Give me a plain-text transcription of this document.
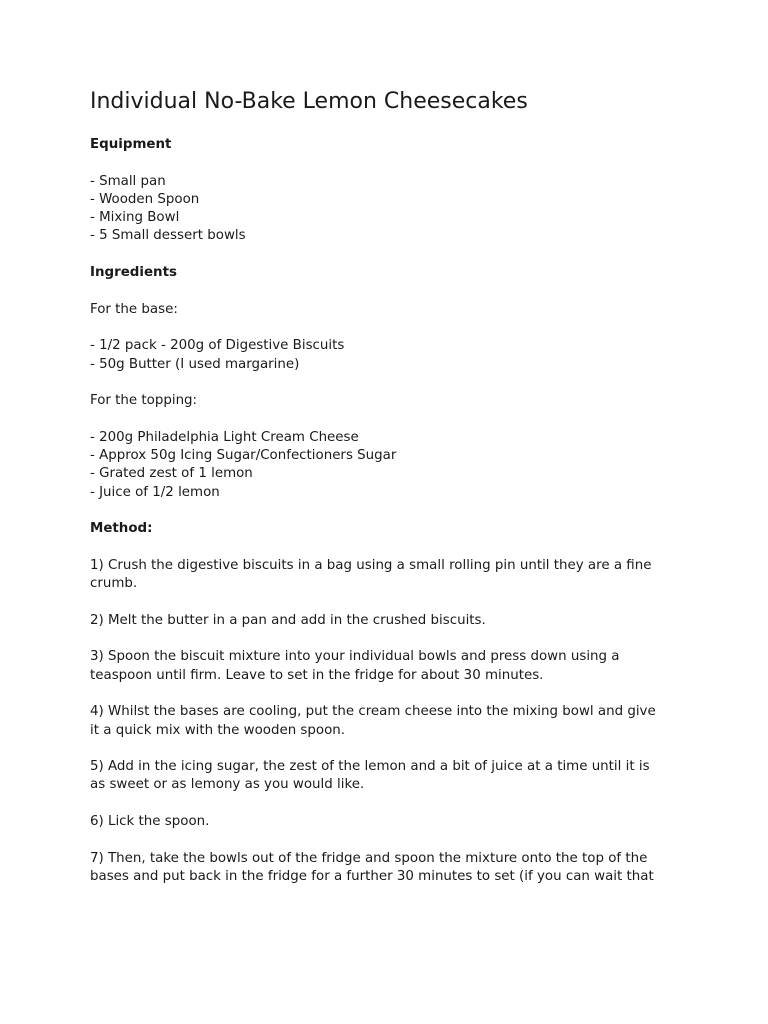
Individual No-Bake Lemon Cheesecakes
Equipment
- Small pan
- Wooden Spoon
- Mixing Bowl
- 5 Small dessert bowls
Ingredients
For the base:
- 1/2 pack - 200g of Digestive Biscuits
- 50g Butter (I used margarine)
For the topping:
- 200g Philadelphia Light Cream Cheese
- Approx 50g Icing Sugar/Confectioners Sugar
- Grated zest of 1 lemon
- Juice of 1/2 lemon
Method:
1) Crush the digestive biscuits in a bag using a small rolling pin until they are a fine
crumb.
2) Melt the butter in a pan and add in the crushed biscuits.
3) Spoon the biscuit mixture into your individual bowls and press down using a
teaspoon until firm. Leave to set in the fridge for about 30 minutes.
4) Whilst the bases are cooling, put the cream cheese into the mixing bowl and give
it a quick mix with the wooden spoon.
5) Add in the icing sugar, the zest of the lemon and a bit of juice at a time until it is
as sweet or as lemony as you would like.
6) Lick the spoon.
7) Then, take the bowls out of the fridge and spoon the mixture onto the top of the
bases and put back in the fridge for a further 30 minutes to set (if you can wait that
